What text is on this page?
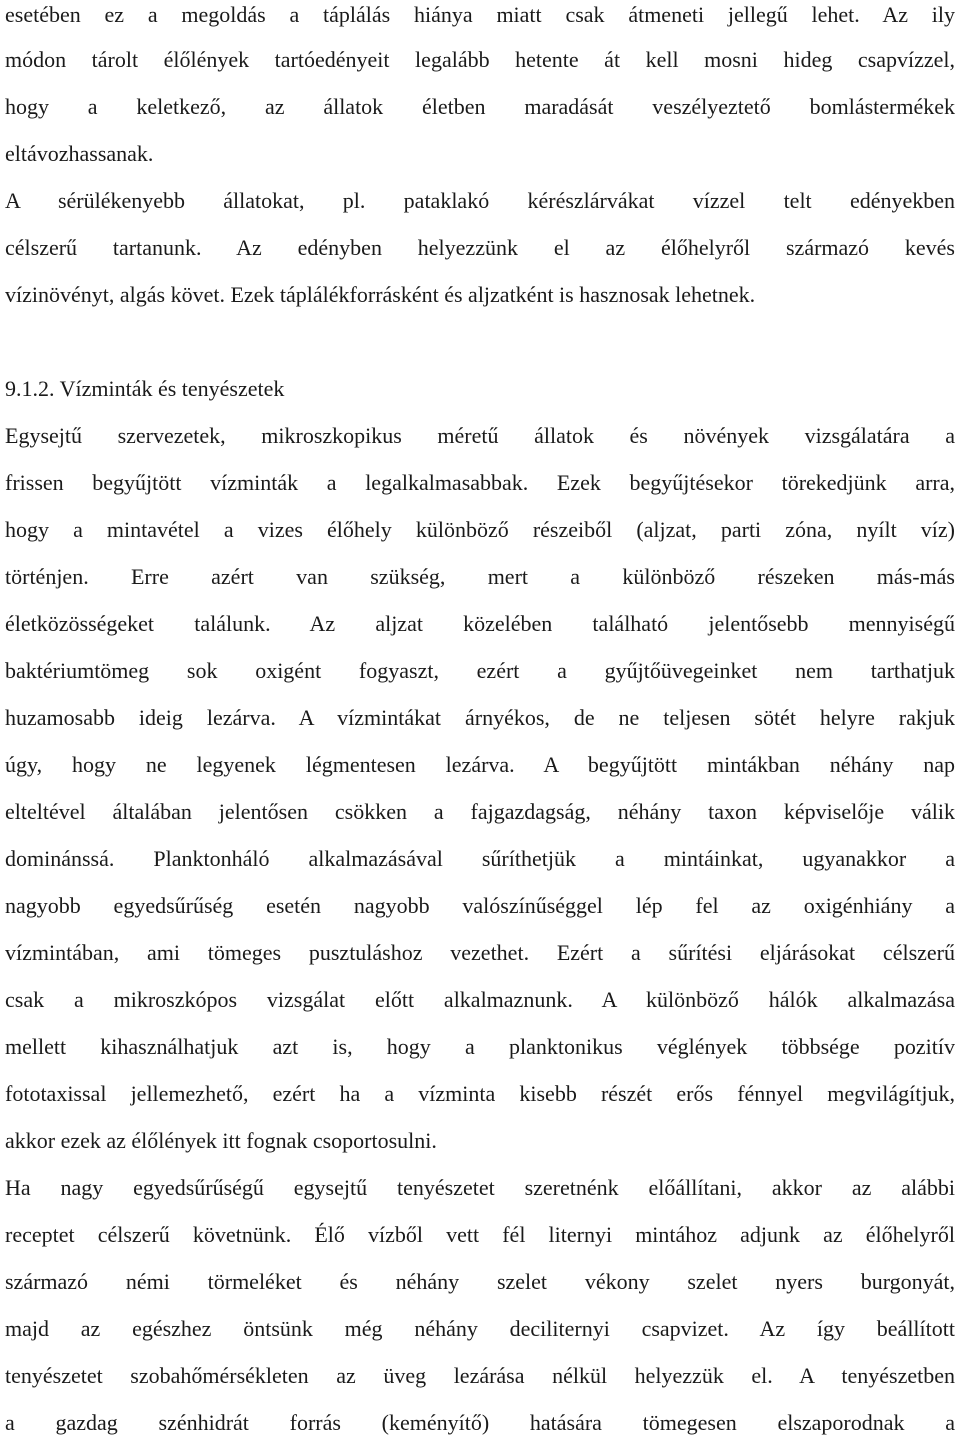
esetében ez a megoldás a táplálás hiánya miatt csak átmeneti jellegű lehet. Az ily
módon tárolt élőlények tartóedényeit legalább hetente át kell mosni hideg csapvízzel,
hogy a keletkező, az állatok életben maradását veszélyeztető bomlástermékek
eltávozhassanak.
A sérülékenyebb állatokat, pl. pataklakó kérészlárvákat vízzel telt edényekben
célszerű tartanunk. Az edényben helyezzünk el az élőhelyről származó kevés
vízinövényt, algás követ. Ezek táplálékforrásként és aljzatként is hasznosak lehetnek.
9.1.2. Vízminták és tenyészetek
Egysejtű szervezetek, mikroszkopikus méretű állatok és növények vizsgálatára a
frissen begyűjtött vízminták a legalkalmasabbak. Ezek begyűjtésekor törekedjünk arra,
hogy a mintavétel a vizes élőhely különböző részeiből (aljzat, parti zóna, nyílt víz)
történjen. Erre azért van szükség, mert a különböző részeken más-más
életközösségeket találunk. Az aljzat közelében található jelentősebb mennyiségű
baktériumtömeg sok oxigént fogyaszt, ezért a gyűjtőüvegeinket nem tarthatjuk
huzamosabb ideig lezárva. A vízmintákat árnyékos, de ne teljesen sötét helyre rakjuk
úgy, hogy ne legyenek légmentesen lezárva. A begyűjtött mintákban néhány nap
elteltével általában jelentősen csökken a fajgazdagság, néhány taxon képviselője válik
dominánssá. Planktonháló alkalmazásával sűríthetjük a mintáinkat, ugyanakkor a
nagyobb egyedsűrűség esetén nagyobb valószínűséggel lép fel az oxigénhiány a
vízmintában, ami tömeges pusztuláshoz vezethet. Ezért a sűrítési eljárásokat célszerű
csak a mikroszkópos vizsgálat előtt alkalmaznunk. A különböző hálók alkalmazása
mellett kihasználhatjuk azt is, hogy a planktonikus véglények többsége pozitív
fototaxissal jellemezhető, ezért ha a vízminta kisebb részét erős fénnyel megvilágítjuk,
akkor ezek az élőlények itt fognak csoportosulni.
Ha nagy egyedsűrűségű egysejtű tenyészetet szeretnénk előállítani, akkor az alábbi
receptet célszerű követnünk. Élő vízből vett fél liternyi mintához adjunk az élőhelyről
származó némi törmeléket és néhány szelet vékony szelet nyers burgonyát,
majd az egészhez öntsünk még néhány deciliternyi csapvizet. Az így beállított
tenyészetet szobahőmérsékleten az üveg lezárása nélkül helyezzük el. A tenyészetben
a gazdag szénhidrát forrás (keményítő) hatására tömegesen elszaporodnak a
